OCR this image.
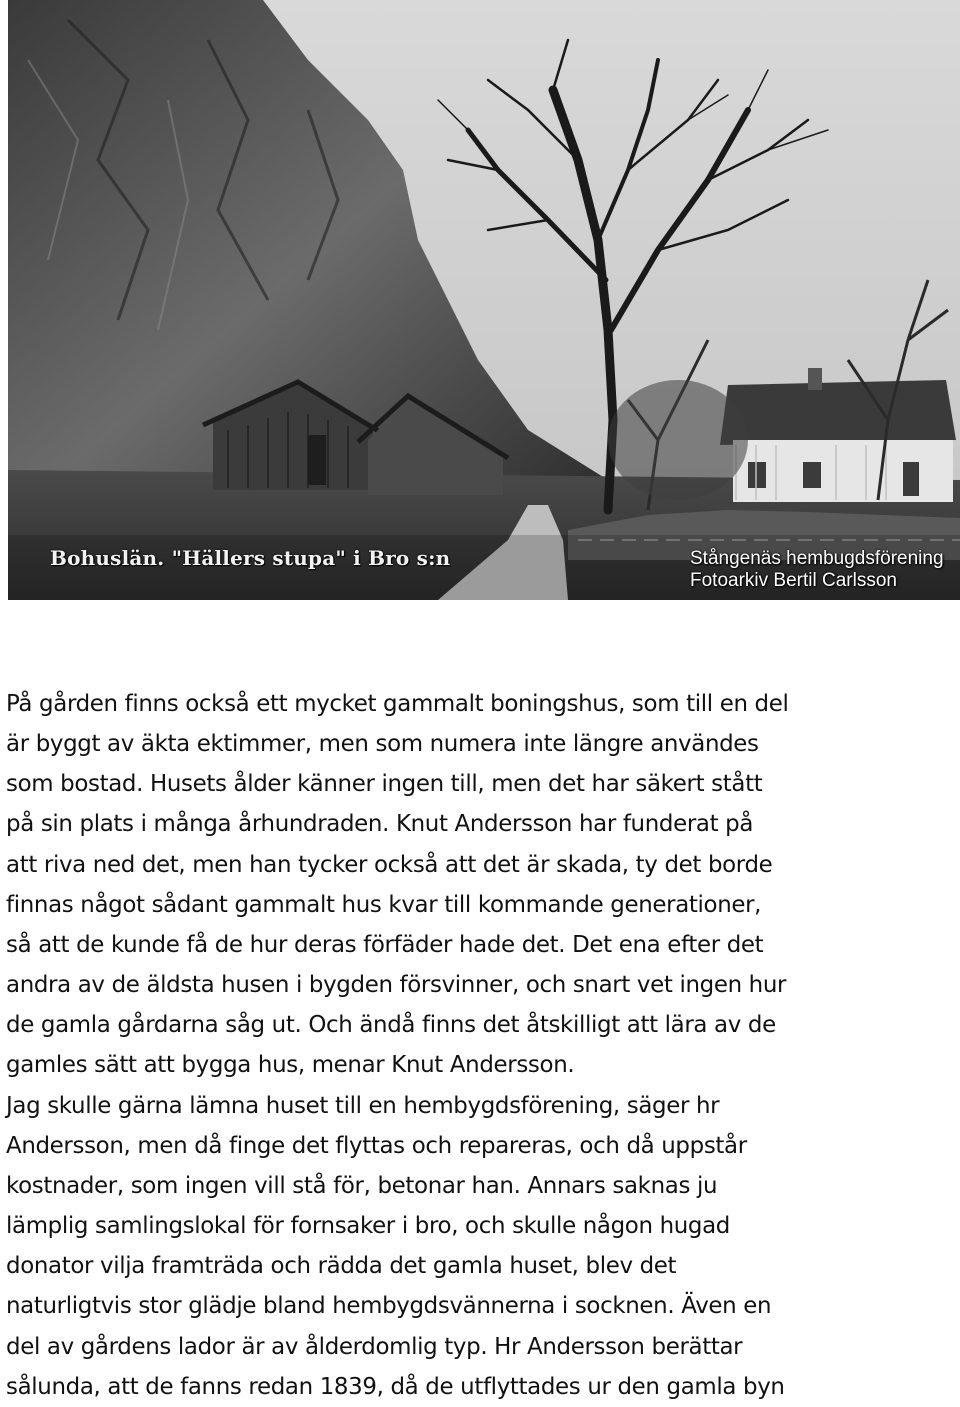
Bohuslän. "Hällers stupa" i Bro s:n	Stångenäs hembugdsförening
Fotoarkiv Bertil Carlsson
På gården finns också ett mycket gammalt boningshus, som till en del
är byggt av äkta ektimmer, men som numera inte längre användes
som bostad. Husets ålder känner ingen till, men det har säkert stått
på sin plats i många århundraden. Knut Andersson har funderat på
att riva ned det, men han tycker också att det är skada, ty det borde
finnas något sådant gammalt hus kvar till kommande generationer,
så att de kunde få de hur deras förfäder hade det. Det ena efter det
andra av de äldsta husen i bygden försvinner, och snart vet ingen hur
de gamla gårdarna såg ut. Och ändå finns det åtskilligt att lära av de
gamles sätt att bygga hus, menar Knut Andersson.
Jag skulle gärna lämna huset till en hembygdsförening, säger hr
Andersson, men då finge det flyttas och repareras, och då uppstår
kostnader, som ingen vill stå för, betonar han. Annars saknas ju
lämplig samlingslokal för fornsaker i bro, och skulle någon hugad
donator vilja framträda och rädda det gamla huset, blev det
naturligtvis stor glädje bland hembygdsvännerna i socknen. Även en
del av gårdens lador är av ålderdomlig typ. Hr Andersson berättar
sålunda, att de fanns redan 1839, då de utflyttades ur den gamla byn
